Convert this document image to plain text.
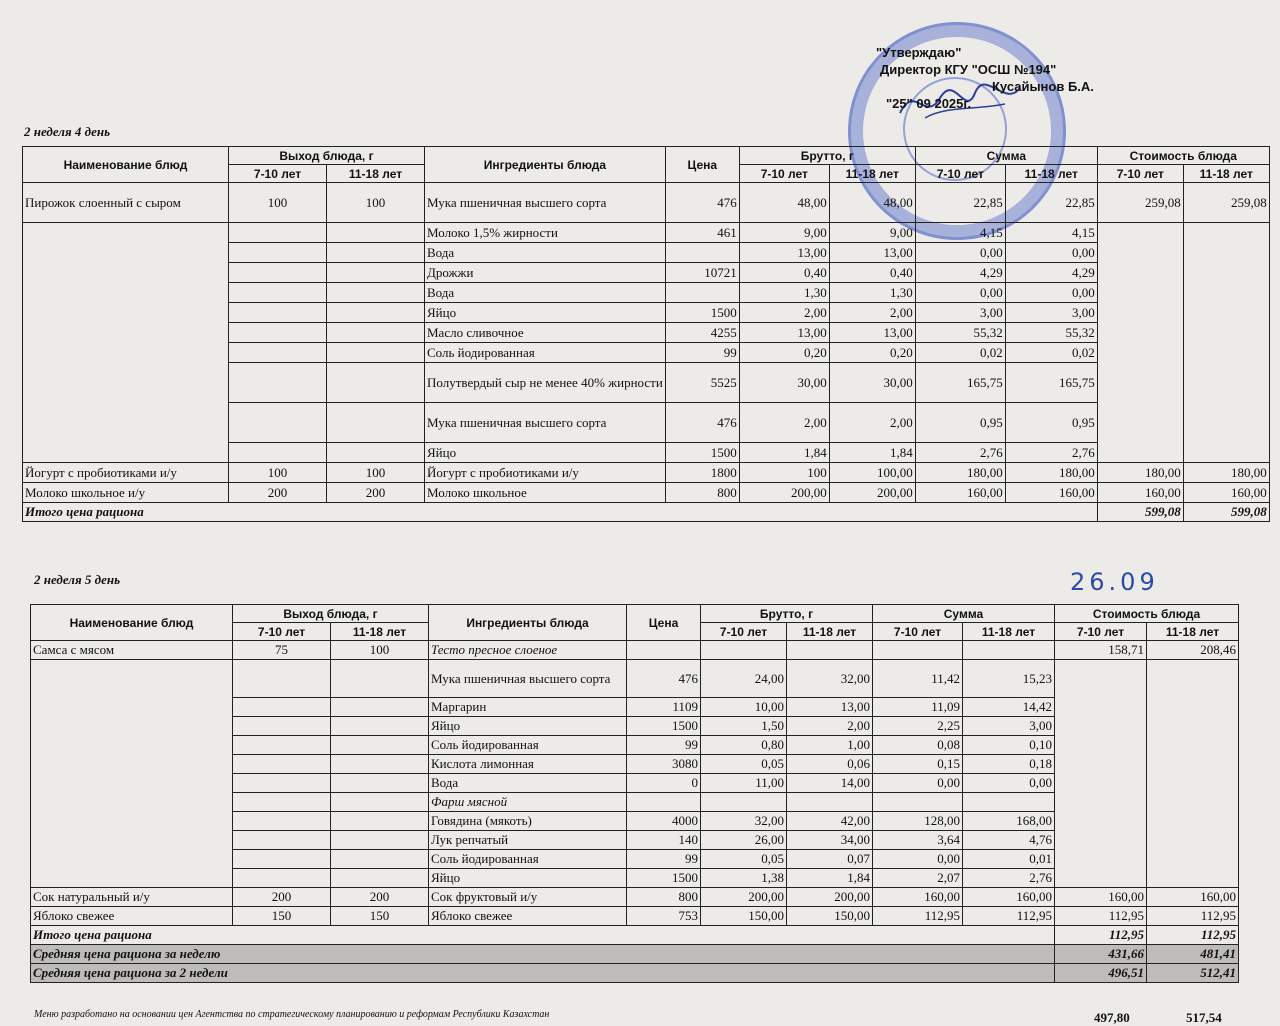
"Утверждаю"
Директор КГУ "ОСШ №194"
Кусайынов Б.А.
"25" 09 2025г.
2 неделя 4 день
Наименование блюд	Выход блюда, г		Ингредиенты блюда	Цена	Брутто, г		Сумма		Стоимость блюда	
	7-10 лет	11-18 лет			7-10 лет	11-18 лет	7-10 лет	11-18 лет	7-10 лет	11-18 лет
Пирожок слоенный с сыром	100	100	Мука пшеничная высшего сорта	476	48,00	48,00	22,85	22,85	259,08	259,08
			Молоко 1,5% жирности	461	9,00	9,00	4,15	4,15		
			Вода		13,00	13,00	0,00	0,00		
			Дрожжи	10721	0,40	0,40	4,29	4,29		
			Вода		1,30	1,30	0,00	0,00		
			Яйцо	1500	2,00	2,00	3,00	3,00		
			Масло сливочное	4255	13,00	13,00	55,32	55,32		
			Соль йодированная	99	0,20	0,20	0,02	0,02		
			Полутвердый сыр не менее 40% жирности	5525	30,00	30,00	165,75	165,75		
			Мука пшеничная высшего сорта	476	2,00	2,00	0,95	0,95		
			Яйцо	1500	1,84	1,84	2,76	2,76		
Йогурт с пробиотиками и/у	100	100	Йогурт с пробиотиками и/у	1800	100	100,00	180,00	180,00	180,00	180,00
Молоко школьное и/у	200	200	Молоко школьное	800	200,00	200,00	160,00	160,00	160,00	160,00
Итого цена рациона									599,08	599,08
2 неделя 5 день	26.09
Наименование блюд	Выход блюда, г		Ингредиенты блюда	Цена	Брутто, г		Сумма		Стоимость блюда	
	7-10 лет	11-18 лет			7-10 лет	11-18 лет	7-10 лет	11-18 лет	7-10 лет	11-18 лет
Самса с мясом	75	100	Тесто пресное слоеное						158,71	208,46
			Мука пшеничная высшего сорта	476	24,00	32,00	11,42	15,23		
			Маргарин	1109	10,00	13,00	11,09	14,42		
			Яйцо	1500	1,50	2,00	2,25	3,00		
			Соль йодированная	99	0,80	1,00	0,08	0,10		
			Кислота лимонная	3080	0,05	0,06	0,15	0,18		
			Вода	0	11,00	14,00	0,00	0,00		
			Фарш мясной							
			Говядина (мякоть)	4000	32,00	42,00	128,00	168,00		
			Лук репчатый	140	26,00	34,00	3,64	4,76		
			Соль йодированная	99	0,05	0,07	0,00	0,01		
			Яйцо	1500	1,38	1,84	2,07	2,76		
Сок натуральный и/у	200	200	Сок фруктовый и/у	800	200,00	200,00	160,00	160,00	160,00	160,00
Яблоко свежее	150	150	Яблоко свежее	753	150,00	150,00	112,95	112,95	112,95	112,95
Итого цена рациона									112,95	112,95
Средняя цена рациона за неделю									431,66	481,41
Средняя цена рациона за 2 недели									496,51	512,41
Меню разработано на основании цен Агентства по стратегическому планированию и реформам Республики Казахстан	497,80	517,54
